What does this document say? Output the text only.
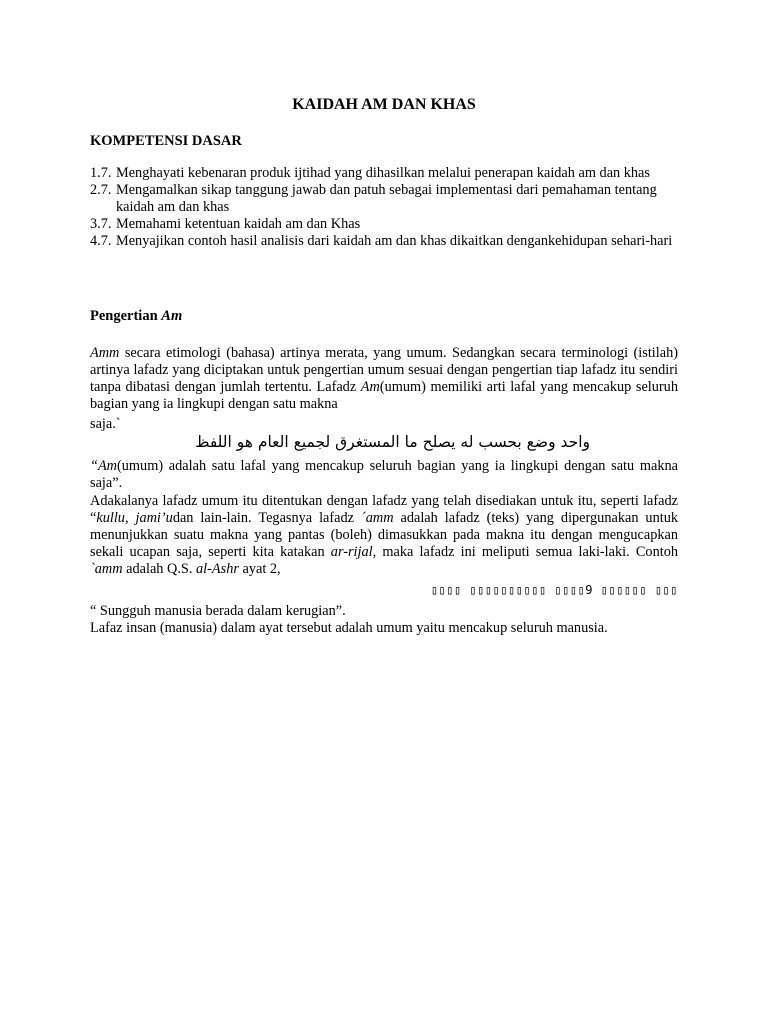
KAIDAH AM DAN KHAS
KOMPETENSI DASAR
1.7. Menghayati kebenaran produk ijtihad yang dihasilkan melalui penerapan kaidah am dan khas
2.7. Mengamalkan sikap tanggung jawab dan patuh sebagai implementasi dari pemahaman tentang kaidah am dan khas
3.7. Memahami ketentuan kaidah am dan Khas
4.7. Menyajikan contoh hasil analisis dari kaidah am dan khas dikaitkan dengankehidupan sehari-hari
Pengertian Am

Amm secara etimologi (bahasa) artinya merata, yang umum. Sedangkan secara terminologi (istilah) artinya lafadz yang diciptakan untuk pengertian umum sesuai dengan pengertian tiap lafadz itu sendiri tanpa dibatasi dengan jumlah tertentu. Lafadz Am(umum) memiliki arti lafal yang mencakup seluruh bagian yang ia lingkupi dengan satu makna

saja.`

واحد وضع بحسب له يصلح ما المستغرق لجميع العام هو اللفظ

“Am(umum) adalah satu lafal yang mencakup seluruh bagian yang ia lingkupi dengan satu makna saja”.

Adakalanya lafadz umum itu ditentukan dengan lafadz yang telah disediakan untuk itu, seperti lafadz “kullu, jami’udan lain-lain. Tegasnya lafadz ´amm adalah lafadz (teks) yang dipergunakan untuk menunjukkan suatu makna yang pantas (boleh) dimasukkan pada makna itu dengan mengucapkan sekali ucapan saja, seperti kita katakan ar-rijal, maka lafadz ini meliputi semua laki-laki. Contoh `amm adalah Q.S. al-Ashr ayat 2,

▯▯▯▯ ▯▯▯▯▯▯▯▯▯▯ ▯▯▯▯9 ▯▯▯▯▯▯ ▯▯▯

“ Sungguh manusia berada dalam kerugian”.

Lafaz insan (manusia) dalam ayat tersebut adalah umum yaitu mencakup seluruh manusia.
